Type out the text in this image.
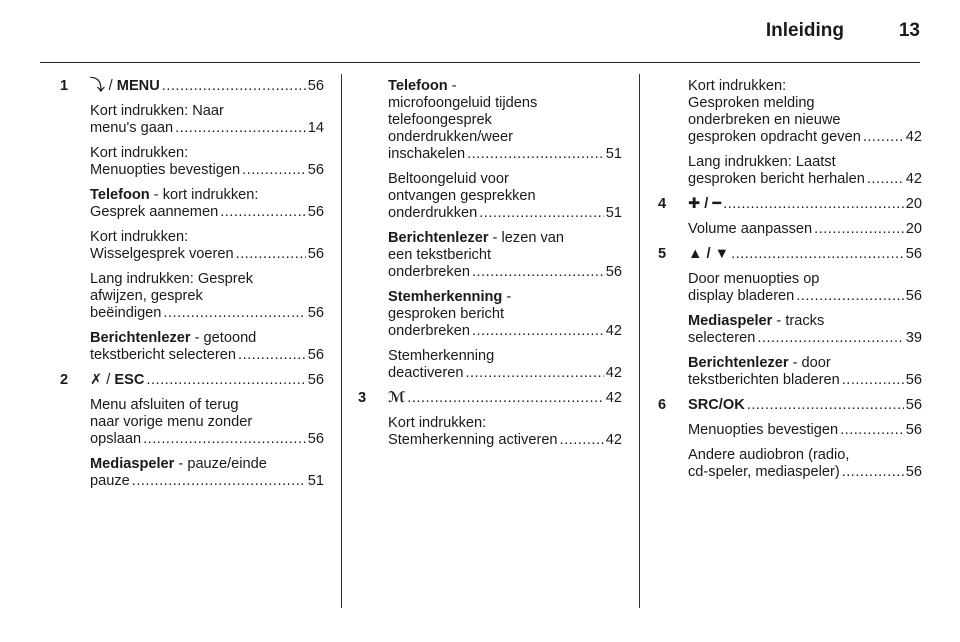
Inleiding	13
1 ⤵ / MENU .....	56
Kort indrukken: Naar
menu's gaan .....	14
Kort indrukken:
Menuopties bevestigen .....	56
Telefoon - kort indrukken:
Gesprek aannemen .....	56
Kort indrukken:
Wisselgesprek voeren .....	56
Lang indrukken: Gesprek
afwijzen, gesprek
beëindigen .....	56
Berichtenlezer - getoond
tekstbericht selecteren .....	56
2 ✗ / ESC .....	56
Menu afsluiten of terug
naar vorige menu zonder
opslaan .....	56
Mediaspeler - pauze/einde
pauze .....	51
Telefoon -
microfoongeluid tijdens
telefoongesprek
onderdrukken/weer
inschakelen .....	51
Beltoongeluid voor
ontvangen gesprekken
onderdrukken .....	51
Berichtenlezer - lezen van
een tekstbericht
onderbreken .....	56
Stemherkenning -
gesproken bericht
onderbreken .....	42
Stemherkenning
deactiveren .....	42
3 ℳ .....	42
Kort indrukken:
Stemherkenning activeren .....	42
Kort indrukken:
Gesproken melding
onderbreken en nieuwe
gesproken opdracht geven .....	42
Lang indrukken: Laatst
gesproken bericht herhalen .....	42
4 ✚ / ━ .....	20
Volume aanpassen .....	20
5 ▲ / ▼ .....	56
Door menuopties op
display bladeren .....	56
Mediaspeler - tracks
selecteren .....	39
Berichtenlezer - door
tekstberichten bladeren .....	56
6 SRC/OK .....	56
Menuopties bevestigen .....	56
Andere audiobron (radio,
cd-speler, mediaspeler) .....	56
